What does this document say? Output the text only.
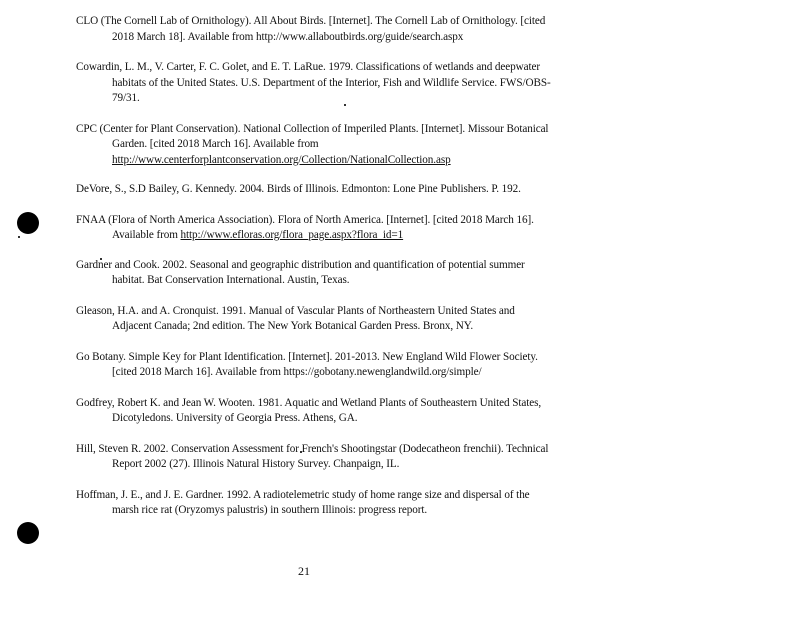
CLO (The Cornell Lab of Ornithology). All About Birds. [Internet]. The Cornell Lab of Ornithology. [cited 2018 March 18]. Available from http://www.allaboutbirds.org/guide/search.aspx

Cowardin, L. M., V. Carter, F. C. Golet, and E. T. LaRue. 1979. Classifications of wetlands and deepwater habitats of the United States. U.S. Department of the Interior, Fish and Wildlife Service. FWS/OBS-79/31.

CPC (Center for Plant Conservation). National Collection of Imperiled Plants. [Internet]. Missour Botanical Garden. [cited 2018 March 16]. Available from http://www.centerforplantconservation.org/Collection/NationalCollection.asp

DeVore, S., S.D Bailey, G. Kennedy. 2004. Birds of Illinois. Edmonton: Lone Pine Publishers. P. 192.

FNAA (Flora of North America Association). Flora of North America. [Internet]. [cited 2018 March 16]. Available from http://www.efloras.org/flora_page.aspx?flora_id=1

Gardner and Cook. 2002. Seasonal and geographic distribution and quantification of potential summer habitat. Bat Conservation International. Austin, Texas.

Gleason, H.A. and A. Cronquist. 1991. Manual of Vascular Plants of Northeastern United States and Adjacent Canada; 2nd edition. The New York Botanical Garden Press. Bronx, NY.

Go Botany. Simple Key for Plant Identification. [Internet]. 201-2013. New England Wild Flower Society. [cited 2018 March 16]. Available from https://gobotany.newenglandwild.org/simple/

Godfrey, Robert K. and Jean W. Wooten. 1981. Aquatic and Wetland Plants of Southeastern United States, Dicotyledons. University of Georgia Press. Athens, GA.

Hill, Steven R. 2002. Conservation Assessment for French's Shootingstar (Dodecatheon frenchii). Technical Report 2002 (27). Illinois Natural History Survey. Chanpaign, IL.

Hoffman, J. E., and J. E. Gardner. 1992. A radiotelemetric study of home range size and dispersal of the marsh rice rat (Oryzomys palustris) in southern Illinois: progress report.

21
